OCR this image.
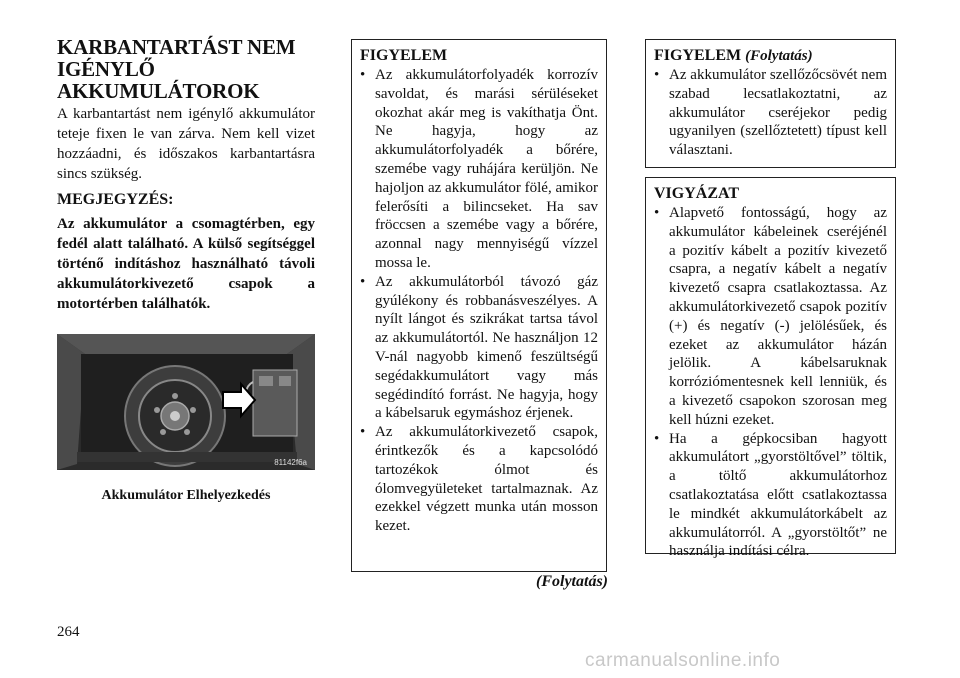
KARBANTARTÁST NEM IGÉNYLŐ AKKUMULÁTOROK

A karbantartást nem igénylő akkumulátor teteje fixen le van zárva. Nem kell vizet hozzáadni, és időszakos karbantartásra sincs szükség.

MEGJEGYZÉS:

Az akkumulátor a csomagtérben, egy fedél alatt található. A külső segítséggel történő indításhoz használható távoli akkumulátorkivezető csapok a motortérben találhatók.

81142f6a
Akkumulátor Elhelyezkedés
FIGYELEM
• Az akkumulátorfolyadék korrozív savoldat, és marási sérüléseket okozhat akár meg is vakíthatja Önt. Ne hagyja, hogy az akkumulátorfolyadék a bőrére, szemébe vagy ruhájára kerüljön. Ne hajoljon az akkumulátor fölé, amikor felerősíti a bilincseket. Ha sav fröccsen a szemébe vagy a bőrére, azonnal nagy mennyiségű vízzel mossa le.
• Az akkumulátorból távozó gáz gyúlékony és robbanásveszélyes. A nyílt lángot és szikrákat tartsa távol az akkumulátortól. Ne használjon 12 V-nál nagyobb kimenő feszültségű segédakkumulátort vagy más segédindító forrást. Ne hagyja, hogy a kábelsaruk egymáshoz érjenek.
• Az akkumulátorkivezető csapok, érintkezők és a kapcsolódó tartozékok ólmot és ólomvegyületeket tartalmaznak. Az ezekkel végzett munka után mosson kezet.
(Folytatás)
FIGYELEM (Folytatás)
• Az akkumulátor szellőzőcsövét nem szabad lecsatlakoztatni, az akkumulátor cseréjekor pedig ugyanilyen (szellőztetett) típust kell választani.
VIGYÁZAT
• Alapvető fontosságú, hogy az akkumulátor kábeleinek cseréjénél a pozitív kábelt a pozitív kivezető csapra, a negatív kábelt a negatív kivezető csapra csatlakoztassa. Az akkumulátorkivezető csapok pozitív (+) és negatív (-) jelölésűek, és ezeket az akkumulátor házán jelölik. A kábelsaruknak korróziómentesnek kell lenniük, és a kivezető csapokon szorosan meg kell húzni ezeket.
• Ha a gépkocsiban hagyott akkumulátort „gyorstöltővel” töltik, a töltő akkumulátorhoz csatlakoztatása előtt csatlakoztassa le mindkét akkumulátorkábelt az akkumulátorról. A „gyorstöltőt” ne használja indítási célra.
264
carmanualsonline.info
